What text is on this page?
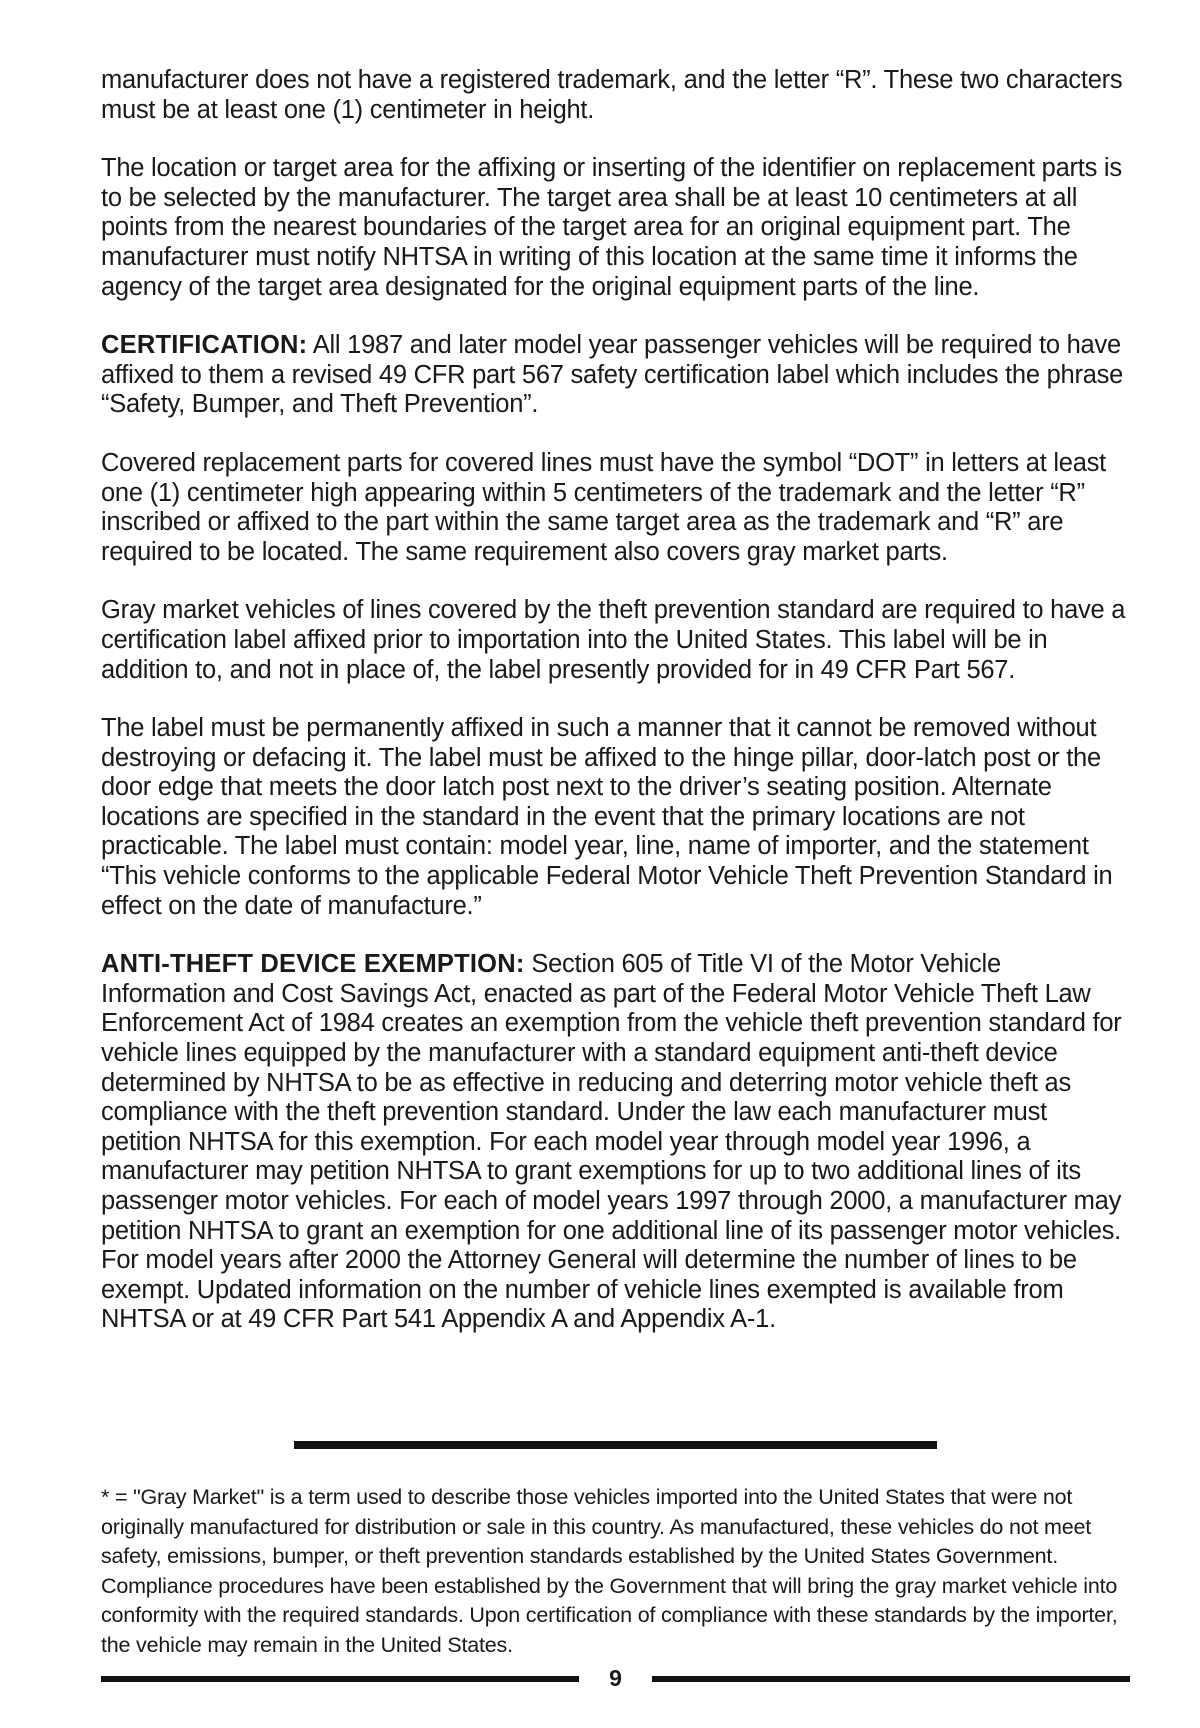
manufacturer does not have a registered trademark, and the letter “R”. These two characters must be at least one (1) centimeter in height.

The location or target area for the affixing or inserting of the identifier on replacement parts is to be selected by the manufacturer. The target area shall be at least 10 centimeters at all points from the nearest boundaries of the target area for an original equipment part. The manufacturer must notify NHTSA in writing of this location at the same time it informs the agency of the target area designated for the original equipment parts of the line.

CERTIFICATION: All 1987 and later model year passenger vehicles will be required to have affixed to them a revised 49 CFR part 567 safety certification label which includes the phrase “Safety, Bumper, and Theft Prevention”.

Covered replacement parts for covered lines must have the symbol “DOT” in letters at least one (1) centimeter high appearing within 5 centimeters of the trademark and the letter “R” inscribed or affixed to the part within the same target area as the trademark and “R” are required to be located. The same requirement also covers gray market parts.

Gray market vehicles of lines covered by the theft prevention standard are required to have a certification label affixed prior to importation into the United States. This label will be in addition to, and not in place of, the label presently provided for in 49 CFR Part 567.

The label must be permanently affixed in such a manner that it cannot be removed without destroying or defacing it. The label must be affixed to the hinge pillar, door-latch post or the door edge that meets the door latch post next to the driver’s seating position. Alternate locations are specified in the standard in the event that the primary locations are not practicable. The label must contain: model year, line, name of importer, and the statement “This vehicle conforms to the applicable Federal Motor Vehicle Theft Prevention Standard in effect on the date of manufacture.”

ANTI-THEFT DEVICE EXEMPTION: Section 605 of Title VI of the Motor Vehicle Information and Cost Savings Act, enacted as part of the Federal Motor Vehicle Theft Law Enforcement Act of 1984 creates an exemption from the vehicle theft prevention standard for vehicle lines equipped by the manufacturer with a standard equipment anti-theft device determined by NHTSA to be as effective in reducing and deterring motor vehicle theft as compliance with the theft prevention standard. Under the law each manufacturer must petition NHTSA for this exemption. For each model year through model year 1996, a manufacturer may petition NHTSA to grant exemptions for up to two additional lines of its passenger motor vehicles. For each of model years 1997 through 2000, a manufacturer may petition NHTSA to grant an exemption for one additional line of its passenger motor vehicles. For model years after 2000 the Attorney General will determine the number of lines to be exempt. Updated information on the number of vehicle lines exempted is available from NHTSA or at 49 CFR Part 541 Appendix A and Appendix A-1.

* = "Gray Market" is a term used to describe those vehicles imported into the United States that were not originally manufactured for distribution or sale in this country. As manufactured, these vehicles do not meet safety, emissions, bumper, or theft prevention standards established by the United States Government. Compliance procedures have been established by the Government that will bring the gray market vehicle into conformity with the required standards. Upon certification of compliance with these standards by the importer, the vehicle may remain in the United States.

9
